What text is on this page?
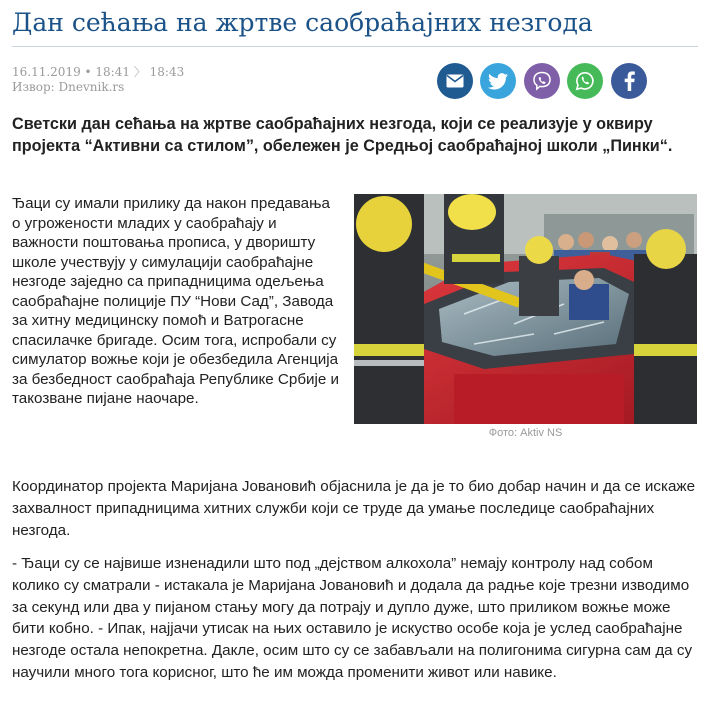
Дан сећања на жртве саобраћајних незгода
16.11.2019 • 18:41 〉 18:43
Извор: Dnevnik.rs

Светски дан сећања на жртве саобраћајних незгода, који се реализује у оквиру пројекта “Активни са стилом”, обележен је Средњој саобраћајној школи „Пинки“.

Ђаци су имали прилику да након предавања о угрожености младих у саобраћају и важности поштовања прописа, у дворишту школе учествују у симулацији саобраћајне незгоде заједно са припадницима одељења саобраћајне полиције ПУ “Нови Сад”, Завода за хитну медицинску помоћ и Ватрогасне спасилачке бригаде. Осим тога, испробали су симулатор вожње који је обезбедила Агенција за безбедност саобраћаја Републике Србије и такозване пијане наочаре.

Фото: Aktiv NS

Координатор пројекта Маријана Јовановић објаснила је да је то био добар начин и да се искаже захвалност припадницима хитних служби који се труде да умање последице саобраћајних незгода.

- Ђаци су се највише изненадили што под „дејством алкохола” немају контролу над собом колико су сматрали - истакала је Маријана Јовановић и додала да радње које трезни изводимо за секунд или два у пијаном стању могу да потрају и дупло дуже, што приликом вожње може бити кобно. - Ипак, најјачи утисак на њих оставило је искуство особе која је услед саобраћајне незгоде остала непокретна. Дакле, осим што су се забављали на полигонима сигурна сам да су научили много тога корисног, што ће им можда променити живот или навике.
